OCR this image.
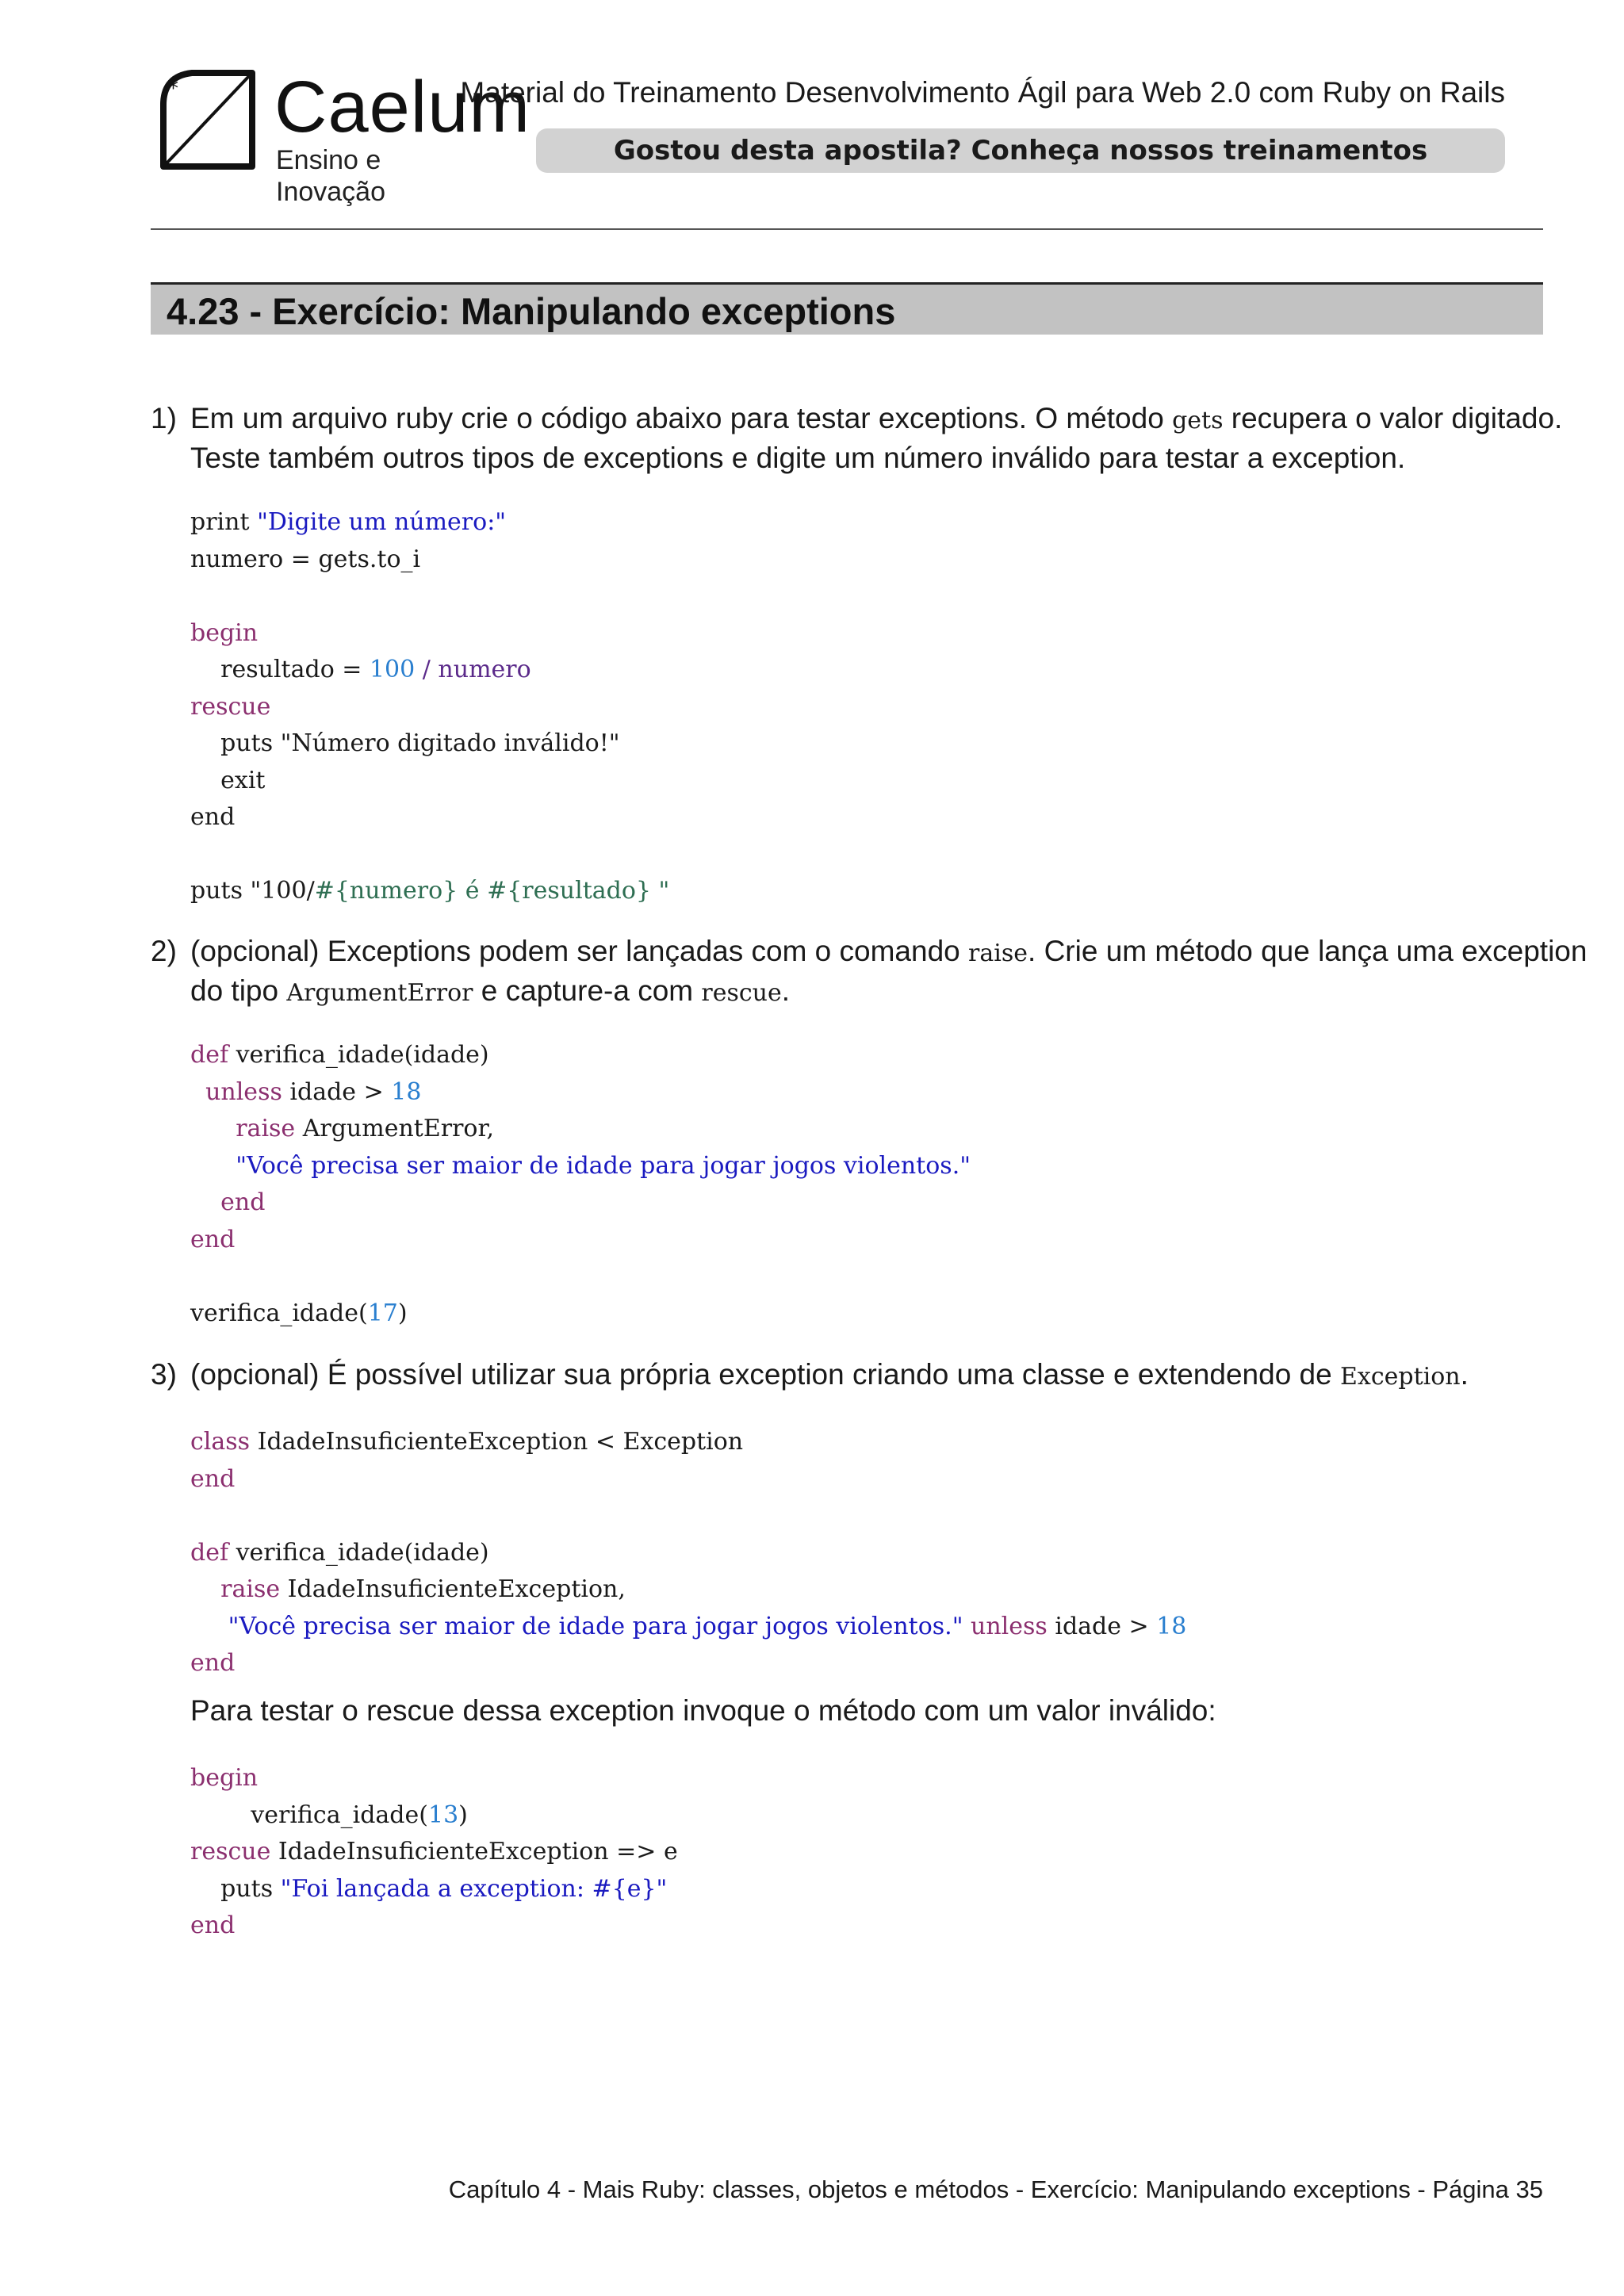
* Caelum
Ensino e Inovação
Material do Treinamento Desenvolvimento Ágil para Web 2.0 com Ruby on Rails
Gostou desta apostila? Conheça nossos treinamentos
4.23 - Exercício: Manipulando exceptions
1) Em um arquivo ruby crie o código abaixo para testar exceptions. O método gets recupera o valor digitado.
Teste também outros tipos de exceptions e digite um número inválido para testar a exception.
print "Digite um número:"
numero = gets.to_i

begin
resultado = 100 / numero
rescue
puts "Número digitado inválido!"
exit
end

puts "100/#{numero} é #{resultado} "
2) (opcional) Exceptions podem ser lançadas com o comando raise. Crie um método que lança uma exception
do tipo ArgumentError e capture-a com rescue.
def verifica_idade(idade)
unless idade > 18
raise ArgumentError,
"Você precisa ser maior de idade para jogar jogos violentos."
end
end

verifica_idade(17)
3) (opcional) É possível utilizar sua própria exception criando uma classe e extendendo de Exception.
class IdadeInsuficienteException < Exception
end

def verifica_idade(idade)
raise IdadeInsuficienteException,
"Você precisa ser maior de idade para jogar jogos violentos." unless idade > 18
end
Para testar o rescue dessa exception invoque o método com um valor inválido:
begin
verifica_idade(13)
rescue IdadeInsuficienteException => e
puts "Foi lançada a exception: #{e}"
end
Capítulo 4 - Mais Ruby: classes, objetos e métodos - Exercício: Manipulando exceptions - Página 35
